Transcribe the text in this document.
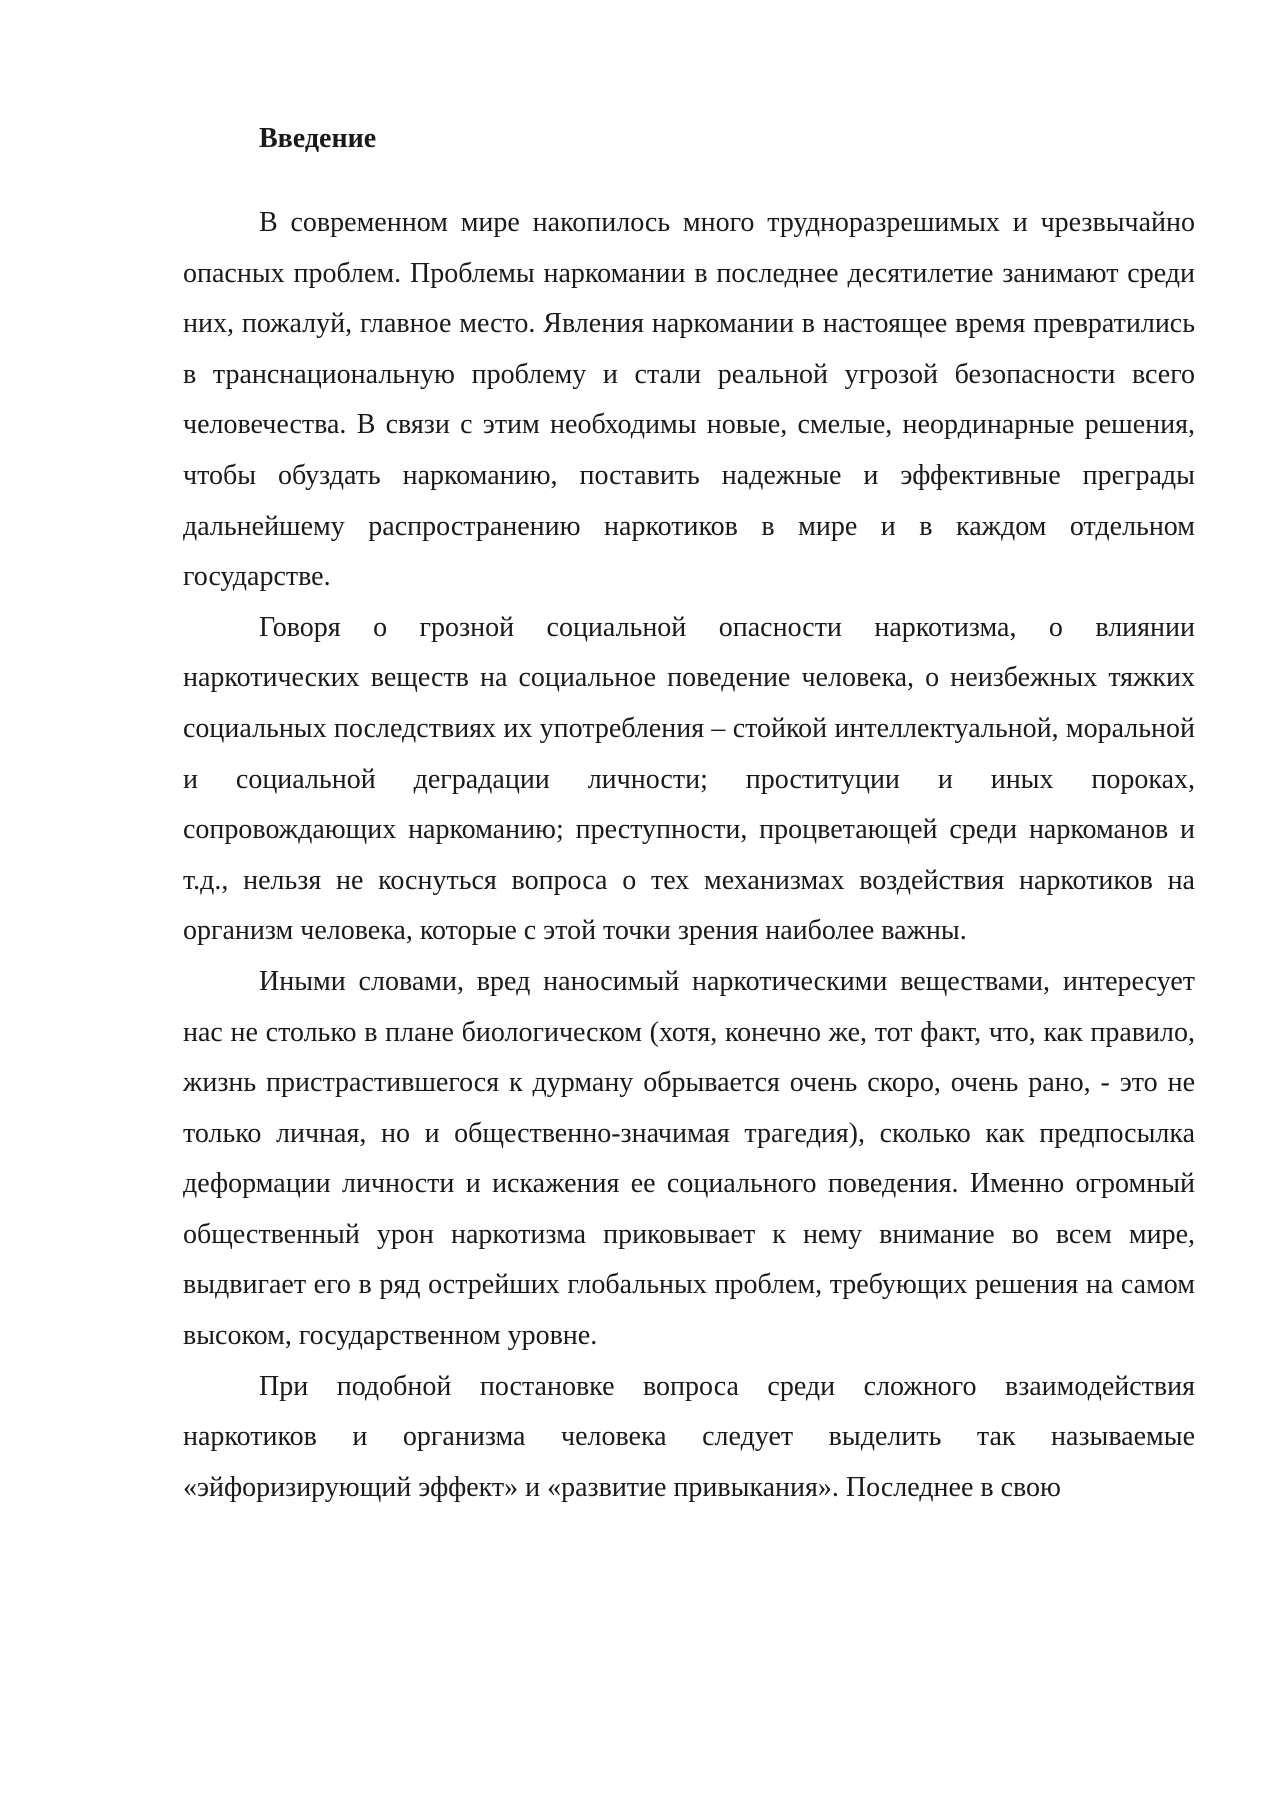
Введение

В современном мире накопилось много трудноразрешимых и чрезвычайно опасных проблем. Проблемы наркомании в последнее десятилетие занимают среди них, пожалуй, главное место. Явления наркомании в настоящее время превратились в транснациональную проблему и стали реальной угрозой безопасности всего человечества. В связи с этим необходимы новые, смелые, неординарные решения, чтобы обуздать наркоманию, поставить надежные и эффективные преграды дальнейшему распространению наркотиков в мире и в каждом отдельном государстве.

Говоря о грозной социальной опасности наркотизма, о влиянии наркотических веществ на социальное поведение человека, о неизбежных тяжких социальных последствиях их употребления – стойкой интеллектуальной, моральной и социальной деградации личности; проституции и иных пороках, сопровождающих наркоманию; преступности, процветающей среди наркоманов и т.д., нельзя не коснуться вопроса о тех механизмах воздействия наркотиков на организм человека, которые с этой точки зрения наиболее важны.

Иными словами, вред наносимый наркотическими веществами, интересует нас не столько в плане биологическом (хотя, конечно же, тот факт, что, как правило, жизнь пристрастившегося к дурману обрывается очень скоро, очень рано, - это не только личная, но и общественно-значимая трагедия), сколько как предпосылка деформации личности и искажения ее социального поведения. Именно огромный общественный урон наркотизма приковывает к нему внимание во всем мире, выдвигает его в ряд острейших глобальных проблем, требующих решения на самом высоком, государственном уровне.

При подобной постановке вопроса среди сложного взаимодействия наркотиков и организма человека следует выделить так называемые «эйфоризирующий эффект» и «развитие привыкания». Последнее в свою
